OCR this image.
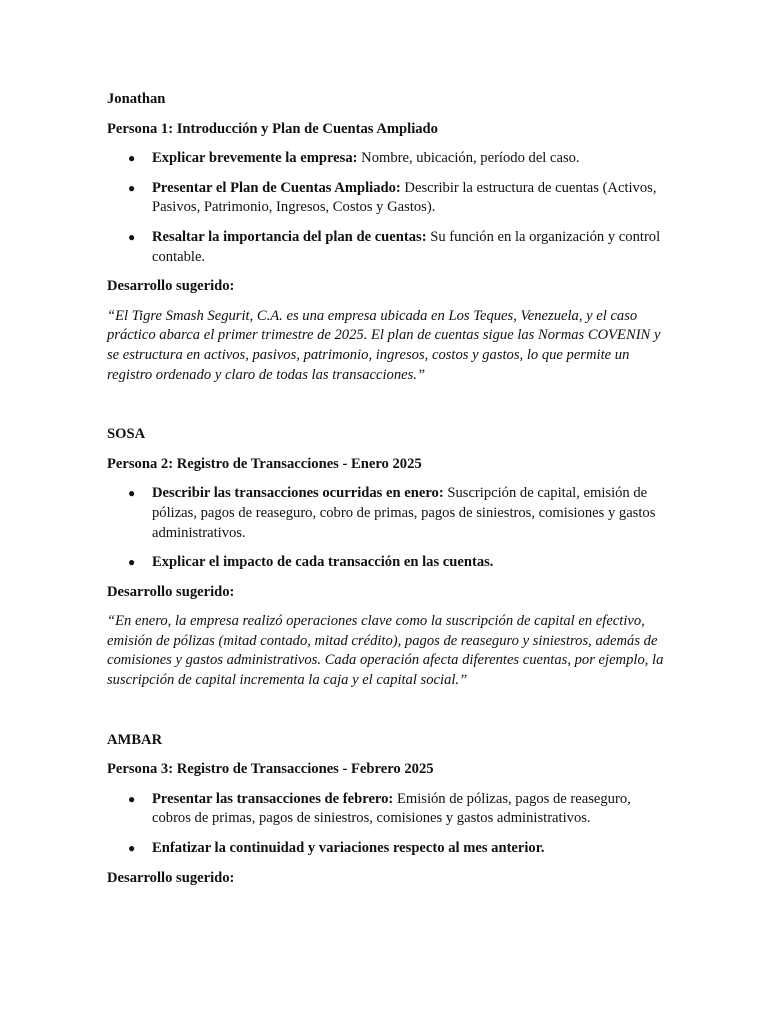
Jonathan

Persona 1: Introducción y Plan de Cuentas Ampliado

● Explicar brevemente la empresa: Nombre, ubicación, período del caso.
● Presentar el Plan de Cuentas Ampliado: Describir la estructura de cuentas (Activos, Pasivos, Patrimonio, Ingresos, Costos y Gastos).
● Resaltar la importancia del plan de cuentas: Su función en la organización y control contable.

Desarrollo sugerido:

“El Tigre Smash Segurit, C.A. es una empresa ubicada en Los Teques, Venezuela, y el caso práctico abarca el primer trimestre de 2025. El plan de cuentas sigue las Normas COVENIN y se estructura en activos, pasivos, patrimonio, ingresos, costos y gastos, lo que permite un registro ordenado y claro de todas las transacciones.”

SOSA

Persona 2: Registro de Transacciones - Enero 2025

● Describir las transacciones ocurridas en enero: Suscripción de capital, emisión de pólizas, pagos de reaseguro, cobro de primas, pagos de siniestros, comisiones y gastos administrativos.
● Explicar el impacto de cada transacción en las cuentas.

Desarrollo sugerido:

“En enero, la empresa realizó operaciones clave como la suscripción de capital en efectivo, emisión de pólizas (mitad contado, mitad crédito), pagos de reaseguro y siniestros, además de comisiones y gastos administrativos. Cada operación afecta diferentes cuentas, por ejemplo, la suscripción de capital incrementa la caja y el capital social.”

AMBAR

Persona 3: Registro de Transacciones - Febrero 2025

● Presentar las transacciones de febrero: Emisión de pólizas, pagos de reaseguro, cobros de primas, pagos de siniestros, comisiones y gastos administrativos.
● Enfatizar la continuidad y variaciones respecto al mes anterior.

Desarrollo sugerido:
